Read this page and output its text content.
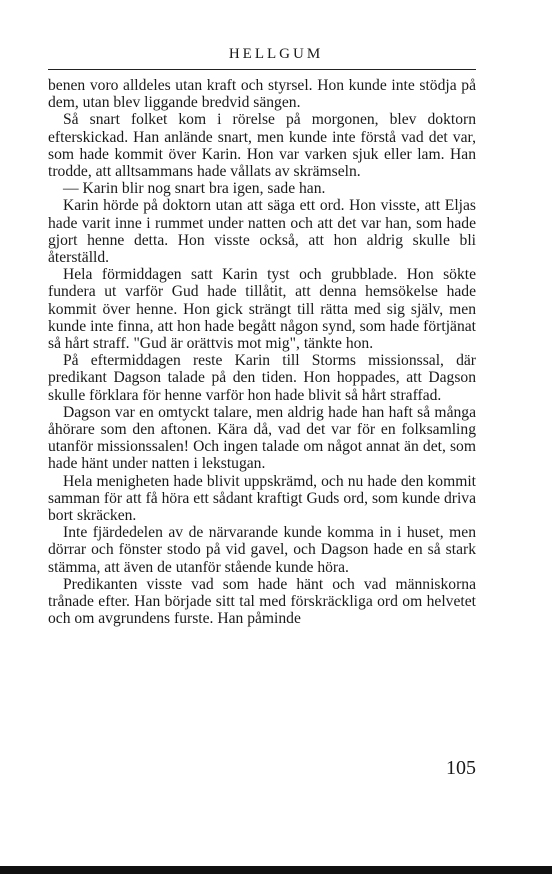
HELLGUM

benen voro alldeles utan kraft och styrsel. Hon kunde inte stödja på dem, utan blev liggande bredvid sängen.

Så snart folket kom i rörelse på morgonen, blev doktorn efterskickad. Han anlände snart, men kunde inte förstå vad det var, som hade kommit över Karin. Hon var varken sjuk eller lam. Han trodde, att alltsammans hade vållats av skrämseln.

— Karin blir nog snart bra igen, sade han.

Karin hörde på doktorn utan att säga ett ord. Hon visste, att Eljas hade varit inne i rummet under natten och att det var han, som hade gjort henne detta. Hon visste också, att hon aldrig skulle bli återställd.

Hela förmiddagen satt Karin tyst och grubblade. Hon sökte fundera ut varför Gud hade tillåtit, att denna hemsökelse hade kommit över henne. Hon gick strängt till rätta med sig själv, men kunde inte finna, att hon hade begått någon synd, som hade förtjänat så hårt straff. "Gud är orättvis mot mig", tänkte hon.

På eftermiddagen reste Karin till Storms missionssal, där predikant Dagson talade på den tiden. Hon hoppades, att Dagson skulle förklara för henne varför hon hade blivit så hårt straffad.

Dagson var en omtyckt talare, men aldrig hade han haft så många åhörare som den aftonen. Kära då, vad det var för en folksamling utanför missionssalen! Och ingen talade om något annat än det, som hade hänt under natten i lekstugan.

Hela menigheten hade blivit uppskrämd, och nu hade den kommit samman för att få höra ett sådant kraftigt Guds ord, som kunde driva bort skräcken.

Inte fjärdedelen av de närvarande kunde komma in i huset, men dörrar och fönster stodo på vid gavel, och Dagson hade en så stark stämma, att även de utanför stående kunde höra.

Predikanten visste vad som hade hänt och vad människorna trånade efter. Han började sitt tal med förskräckliga ord om helvetet och om avgrundens furste. Han påminde

105
